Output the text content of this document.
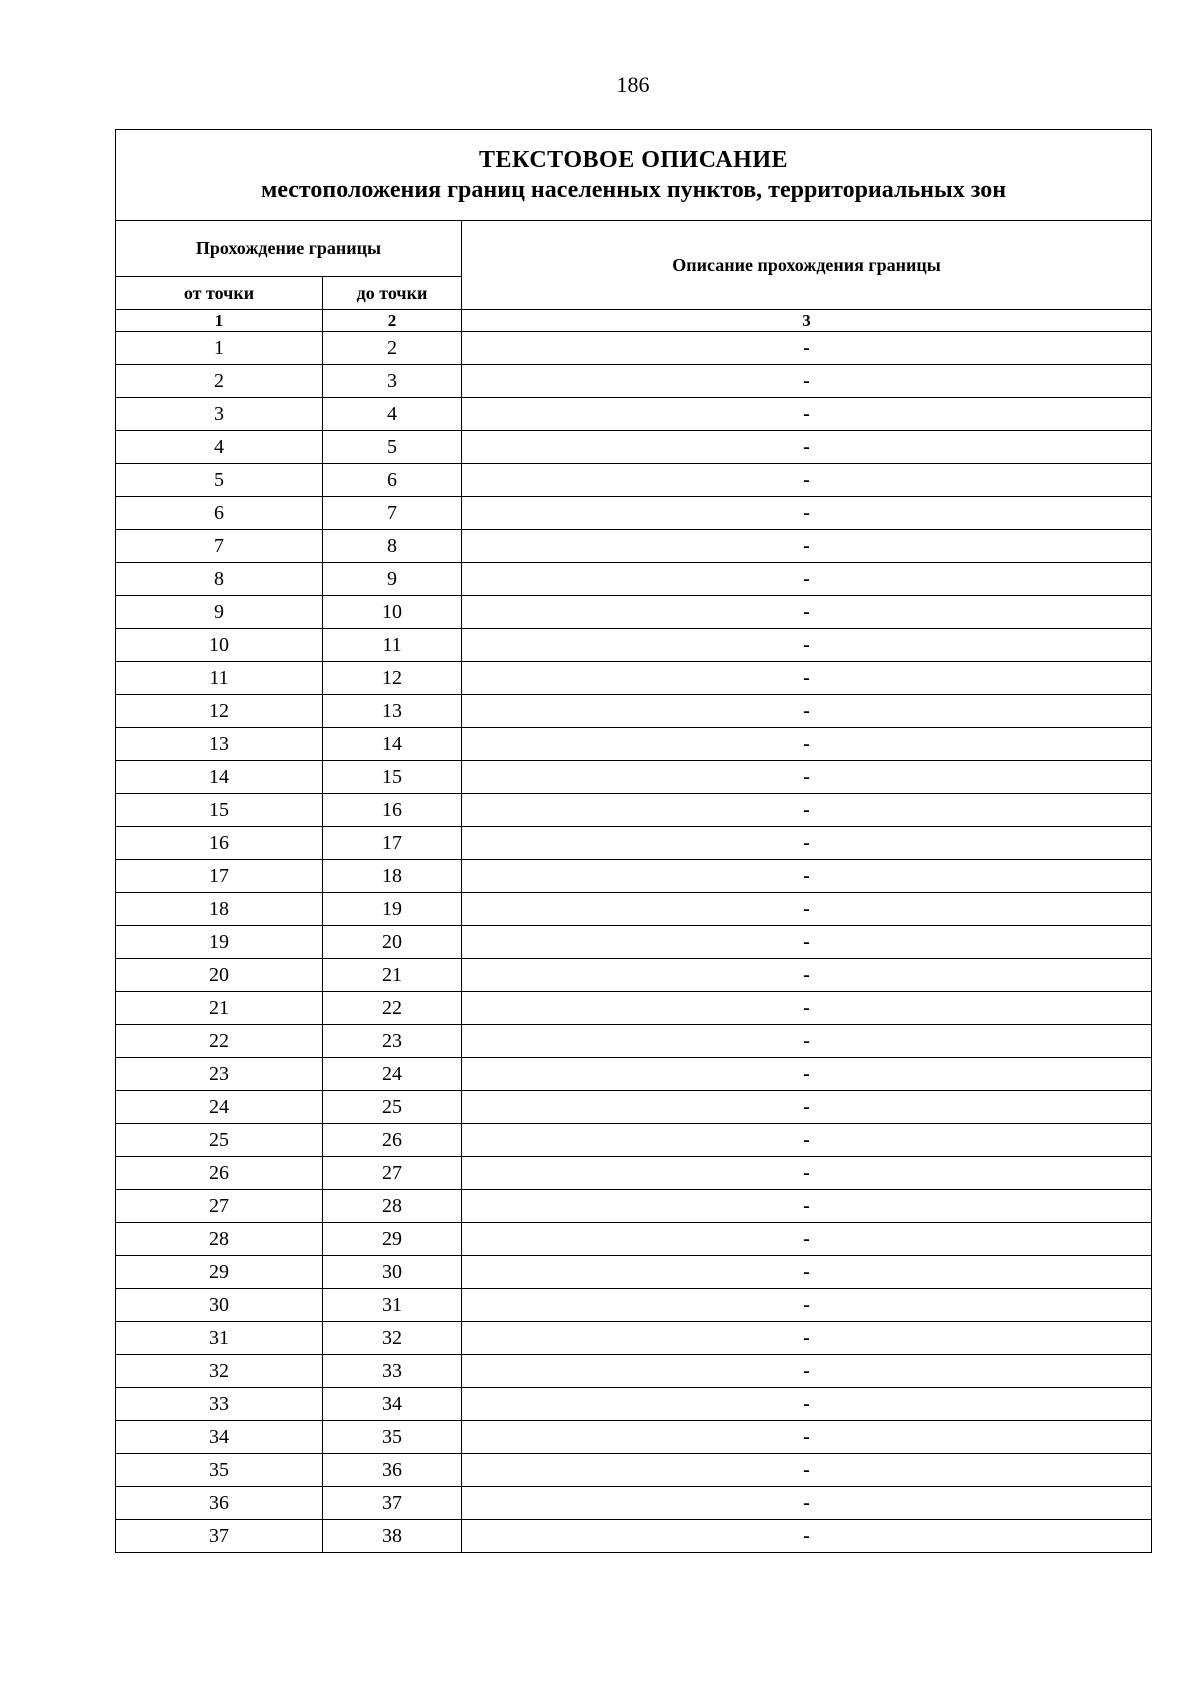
186
ТЕКСТОВОЕ ОПИСАНИЕ
местоположения границ населенных пунктов, территориальных зон		

Прохождение границы		Описание прохождения границы
от точки	до точки	
1	2	3
1	2	-
2	3	-
3	4	-
4	5	-
5	6	-
6	7	-
7	8	-
8	9	-
9	10	-
10	11	-
11	12	-
12	13	-
13	14	-
14	15	-
15	16	-
16	17	-
17	18	-
18	19	-
19	20	-
20	21	-
21	22	-
22	23	-
23	24	-
24	25	-
25	26	-
26	27	-
27	28	-
28	29	-
29	30	-
30	31	-
31	32	-
32	33	-
33	34	-
34	35	-
35	36	-
36	37	-
37	38	-
